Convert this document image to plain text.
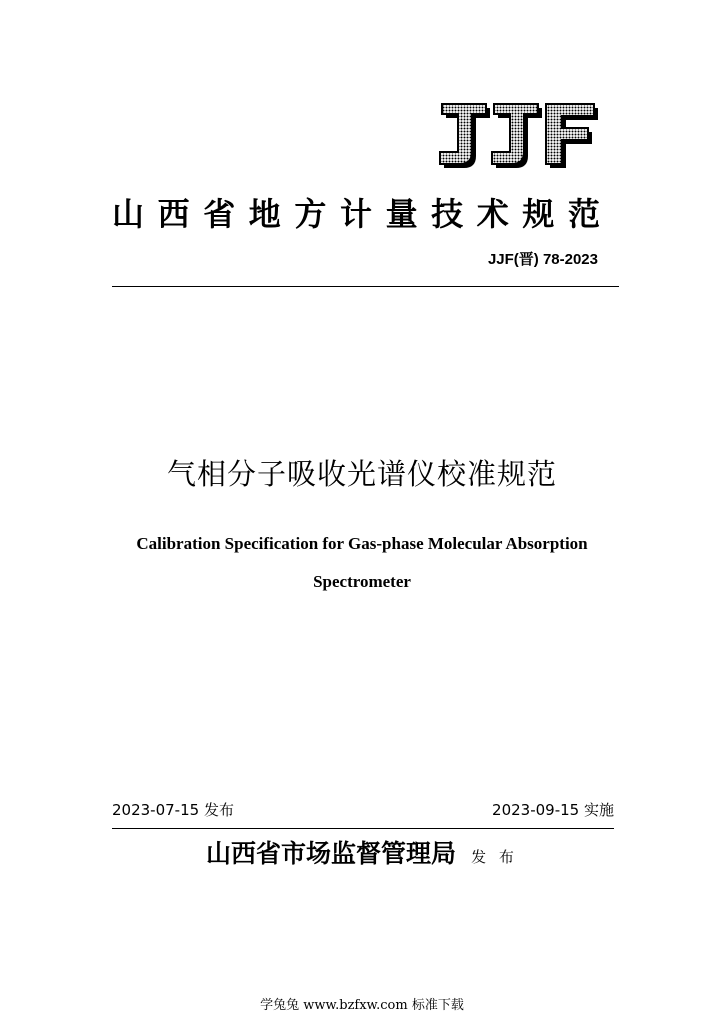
山 西 省 地 方 计 量 技 术 规 范
JJF(晋) 78-2023
气相分子吸收光谱仪校准规范
Calibration Specification for Gas-phase Molecular Absorption
Spectrometer
2023-07-15 发布	2023-09-15 实施
山西省市场监督管理局 发 布
学兔兔 www.bzfxw.com 标准下载
